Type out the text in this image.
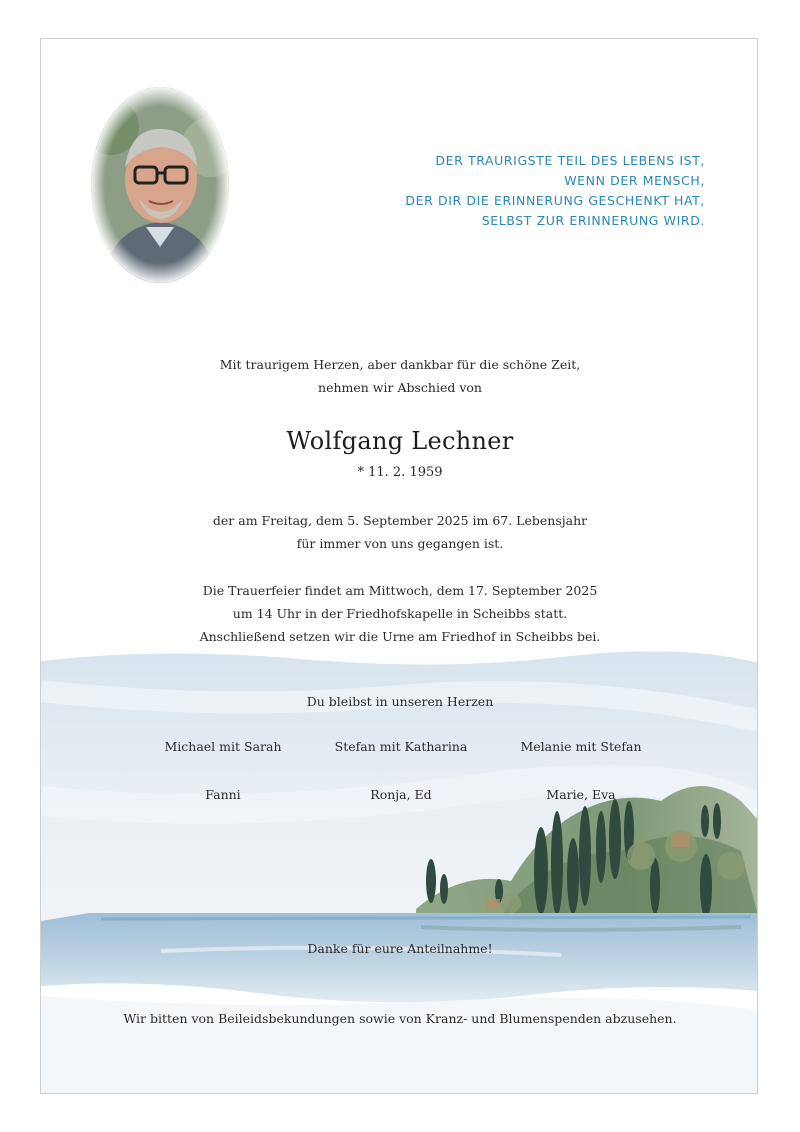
DER TRAURIGSTE TEIL DES LEBENS IST,
WENN DER MENSCH,
DER DIR DIE ERINNERUNG GESCHENKT HAT,
SELBST ZUR ERINNERUNG WIRD.
Mit traurigem Herzen, aber dankbar für die schöne Zeit,
nehmen wir Abschied von
Wolfgang Lechner
* 11. 2. 1959
der am Freitag, dem 5. September 2025 im 67. Lebensjahr
für immer von uns gegangen ist.
Die Trauerfeier findet am Mittwoch, dem 17. September 2025
um 14 Uhr in der Friedhofskapelle in Scheibbs statt.
Anschließend setzen wir die Urne am Friedhof in Scheibbs bei.
Du bleibst in unseren Herzen
Michael mit Sarah	Stefan mit Katharina	Melanie mit Stefan
Fanni	Ronja, Ed	Marie, Eva
Danke für eure Anteilnahme!
Wir bitten von Beileidsbekundungen sowie von Kranz- und Blumenspenden abzusehen.
